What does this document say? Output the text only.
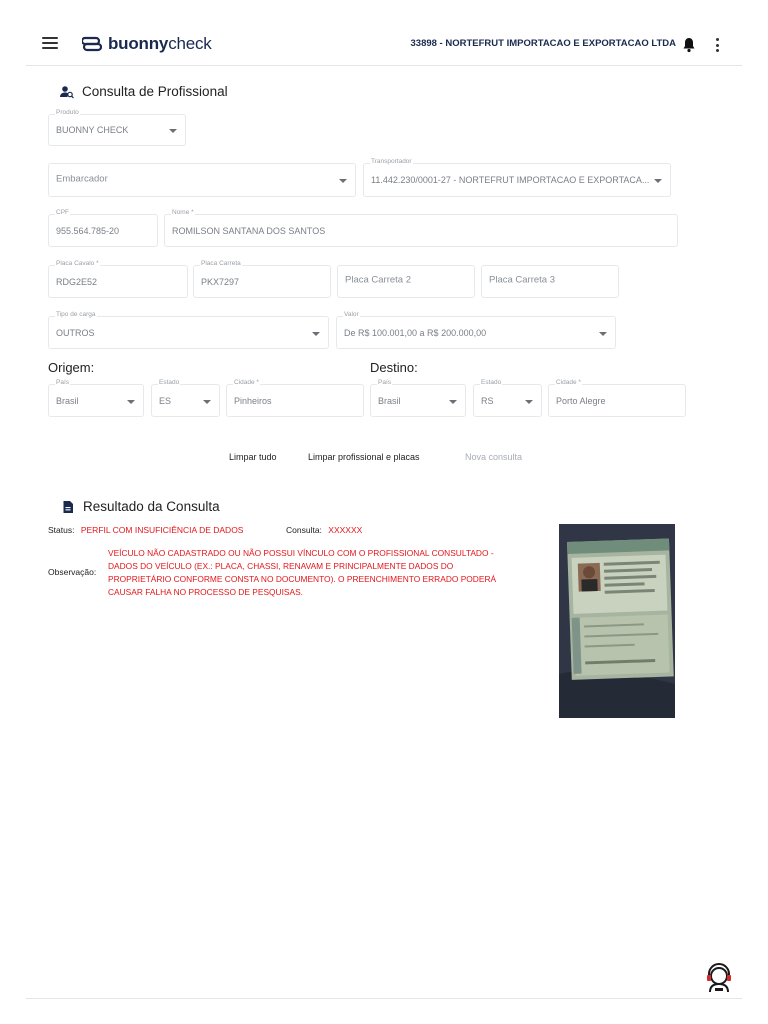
buonnycheck	33898 - NORTEFRUT IMPORTACAO E EXPORTACAO LTDA
Consulta de Profissional
Produto
BUONNY CHECK
Embarcador
Transportador
11.442.230/0001-27 - NORTEFRUT IMPORTACAO E EXPORTACA...
CPF
955.564.785-20
Nome *
ROMILSON SANTANA DOS SANTOS
Placa Cavalo *
RDG2E52
Placa Carreta
PKX7297	Placa Carreta 2	Placa Carreta 3
Tipo de carga
OUTROS
Valor
De R$ 100.001,00 a R$ 200.000,00
Origem:
País
Brasil
Estado
ES
Cidade *
Pinheiros
Destino:
País
Brasil
Estado
RS
Cidade *
Porto Alegre
Limpar tudo	Limpar profissional e placas	Nova consulta
Resultado da Consulta
Status: PERFIL COM INSUFICIÊNCIA DE DADOS	Consulta: XXXXXX
Observação:
VEÍCULO NÃO CADASTRADO OU NÃO POSSUI VÍNCULO COM O PROFISSIONAL CONSULTADO - DADOS DO VEÍCULO (EX.: PLACA, CHASSI, RENAVAM E PRINCIPALMENTE DADOS DO PROPRIETÁRIO CONFORME CONSTA NO DOCUMENTO). O PREENCHIMENTO ERRADO PODERÁ CAUSAR FALHA NO PROCESSO DE PESQUISAS.
